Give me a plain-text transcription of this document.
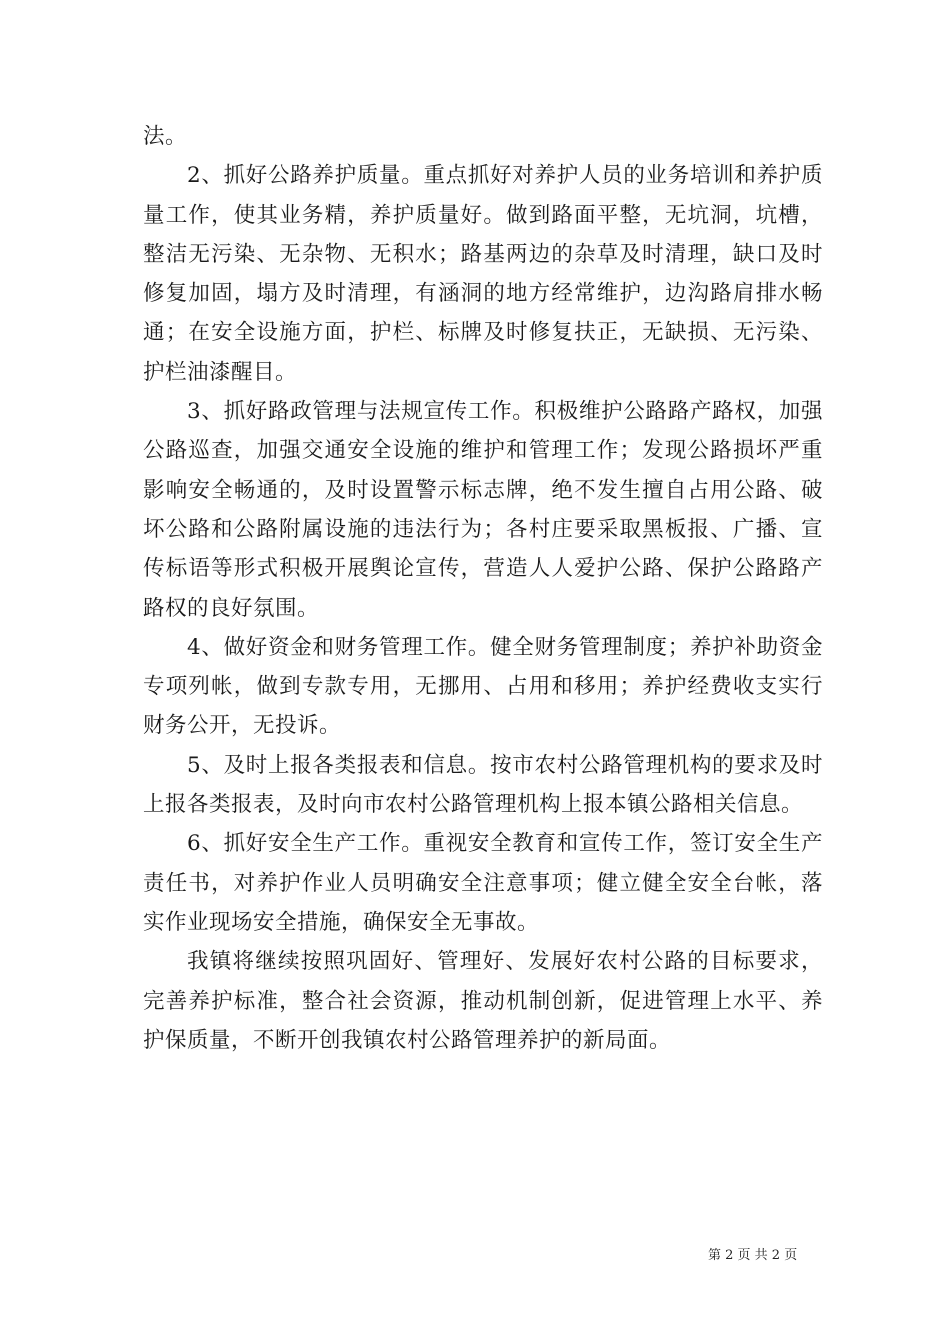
法。

2、抓好公路养护质量。重点抓好对养护人员的业务培训和养护质量工作，使其业务精，养护质量好。做到路面平整，无坑洞，坑槽，整洁无污染、无杂物、无积水；路基两边的杂草及时清理，缺口及时修复加固，塌方及时清理，有涵洞的地方经常维护，边沟路肩排水畅通；在安全设施方面，护栏、标牌及时修复扶正，无缺损、无污染、护栏油漆醒目。

3、抓好路政管理与法规宣传工作。积极维护公路路产路权，加强公路巡查，加强交通安全设施的维护和管理工作；发现公路损坏严重影响安全畅通的，及时设置警示标志牌，绝不发生擅自占用公路、破坏公路和公路附属设施的违法行为；各村庄要采取黑板报、广播、宣传标语等形式积极开展舆论宣传，营造人人爱护公路、保护公路路产路权的良好氛围。

4、做好资金和财务管理工作。健全财务管理制度；养护补助资金专项列帐，做到专款专用，无挪用、占用和移用；养护经费收支实行财务公开，无投诉。

5、及时上报各类报表和信息。按市农村公路管理机构的要求及时上报各类报表，及时向市农村公路管理机构上报本镇公路相关信息。

6、抓好安全生产工作。重视安全教育和宣传工作，签订安全生产责任书，对养护作业人员明确安全注意事项；健立健全安全台帐，落实作业现场安全措施，确保安全无事故。

我镇将继续按照巩固好、管理好、发展好农村公路的目标要求，完善养护标准，整合社会资源，推动机制创新，促进管理上水平、养护保质量，不断开创我镇农村公路管理养护的新局面。

第 2 页 共 2 页
